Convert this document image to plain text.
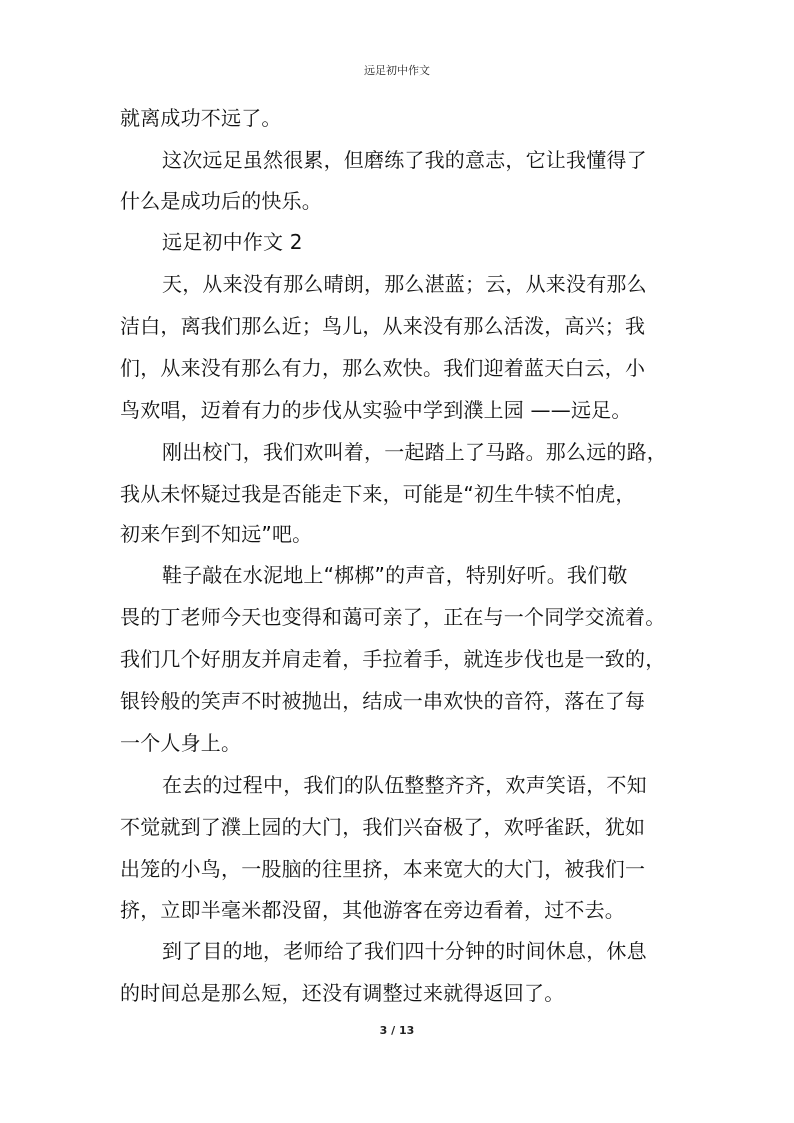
远足初中作文
就离成功不远了。
这次远足虽然很累，但磨练了我的意志，它让我懂得了
什么是成功后的快乐。
远足初中作文 2
天，从来没有那么晴朗，那么湛蓝；云，从来没有那么
洁白，离我们那么近；鸟儿，从来没有那么活泼，高兴；我
们，从来没有那么有力，那么欢快。我们迎着蓝天白云，小
鸟欢唱，迈着有力的步伐从实验中学到濮上园 ——远足。
刚出校门，我们欢叫着，一起踏上了马路。那么远的路，
我从未怀疑过我是否能走下来，可能是“初生牛犊不怕虎，
初来乍到不知远”吧。
鞋子敲在水泥地上“梆梆”的声音，特别好听。我们敬
畏的丁老师今天也变得和蔼可亲了，正在与一个同学交流着。
我们几个好朋友并肩走着，手拉着手，就连步伐也是一致的，
银铃般的笑声不时被抛出，结成一串欢快的音符，落在了每
一个人身上。
在去的过程中，我们的队伍整整齐齐，欢声笑语，不知
不觉就到了濮上园的大门，我们兴奋极了，欢呼雀跃，犹如
出笼的小鸟，一股脑的往里挤，本来宽大的大门，被我们一
挤，立即半毫米都没留，其他游客在旁边看着，过不去。
到了目的地，老师给了我们四十分钟的时间休息，休息
的时间总是那么短，还没有调整过来就得返回了。
3 / 13
